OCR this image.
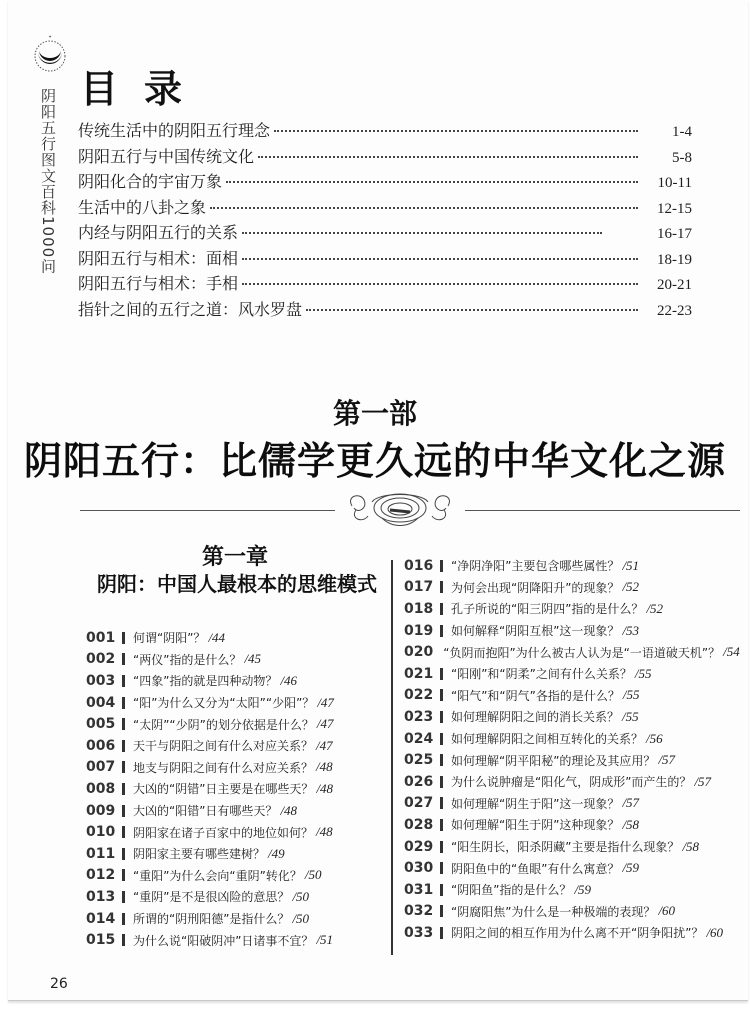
✦
阴阳五行图文百科1000问 目录
传统生活中的阴阳五行理念	1-4
阴阳五行与中国传统文化	5-8
阴阳化合的宇宙万象	10-11
生活中的八卦之象	12-15
内经与阴阳五行的关系	16-17
阴阳五行与相术：面相	18-19
阴阳五行与相术：手相	20-21
指针之间的五行之道：风水罗盘	22-23
第一部
阴阳五行：比儒学更久远的中华文化之源
第一章
阴阳：中国人最根本的思维模式
001	何谓“阴阳”？ /44
002	“两仪”指的是什么？ /45
003	“四象”指的就是四种动物？ /46
004	“阳”为什么又分为“太阳”“少阳”？ /47
005	“太阴”“少阴”的划分依据是什么？ /47
006	天干与阴阳之间有什么对应关系？ /47
007	地支与阴阳之间有什么对应关系？ /48
008	大凶的“阴错”日主要是在哪些天？ /48
009	大凶的“阳错”日有哪些天？ /48
010	阴阳家在诸子百家中的地位如何？ /48
011	阴阳家主要有哪些建树？ /49
012	“重阳”为什么会向“重阴”转化？ /50
013	“重阴”是不是很凶险的意思？ /50
014	所谓的“阴刑阳德”是指什么？ /50
015	为什么说“阳破阴冲”日诸事不宜？ /51
016	“净阴净阳”主要包含哪些属性？ /51
017	为何会出现“阴降阳升”的现象？ /52
018	孔子所说的“阳三阴四”指的是什么？ /52
019	如何解释“阴阳互根”这一现象？ /53
020 “负阴而抱阳”为什么被古人认为是“一语道破天机”？ /54
021	“阳刚”和“阴柔”之间有什么关系？ /55
022	“阳气”和“阴气”各指的是什么？ /55
023	如何理解阴阳之间的消长关系？ /55
024	如何理解阴阳之间相互转化的关系？ /56
025	如何理解“阴平阳秘”的理论及其应用？ /57
026	为什么说肿瘤是“阳化气，阴成形”而产生的？ /57
027	如何理解“阴生于阳”这一现象？ /57
028	如何理解“阳生于阴”这种现象？ /58
029	“阳生阴长，阳杀阴藏”主要是指什么现象？ /58
030	阴阳鱼中的“鱼眼”有什么寓意？ /59
031	“阴阳鱼”指的是什么？ /59
032	“阴腐阳焦”为什么是一种极端的表现？ /60
033	阴阳之间的相互作用为什么离不开“阴争阳扰”？ /60
26
